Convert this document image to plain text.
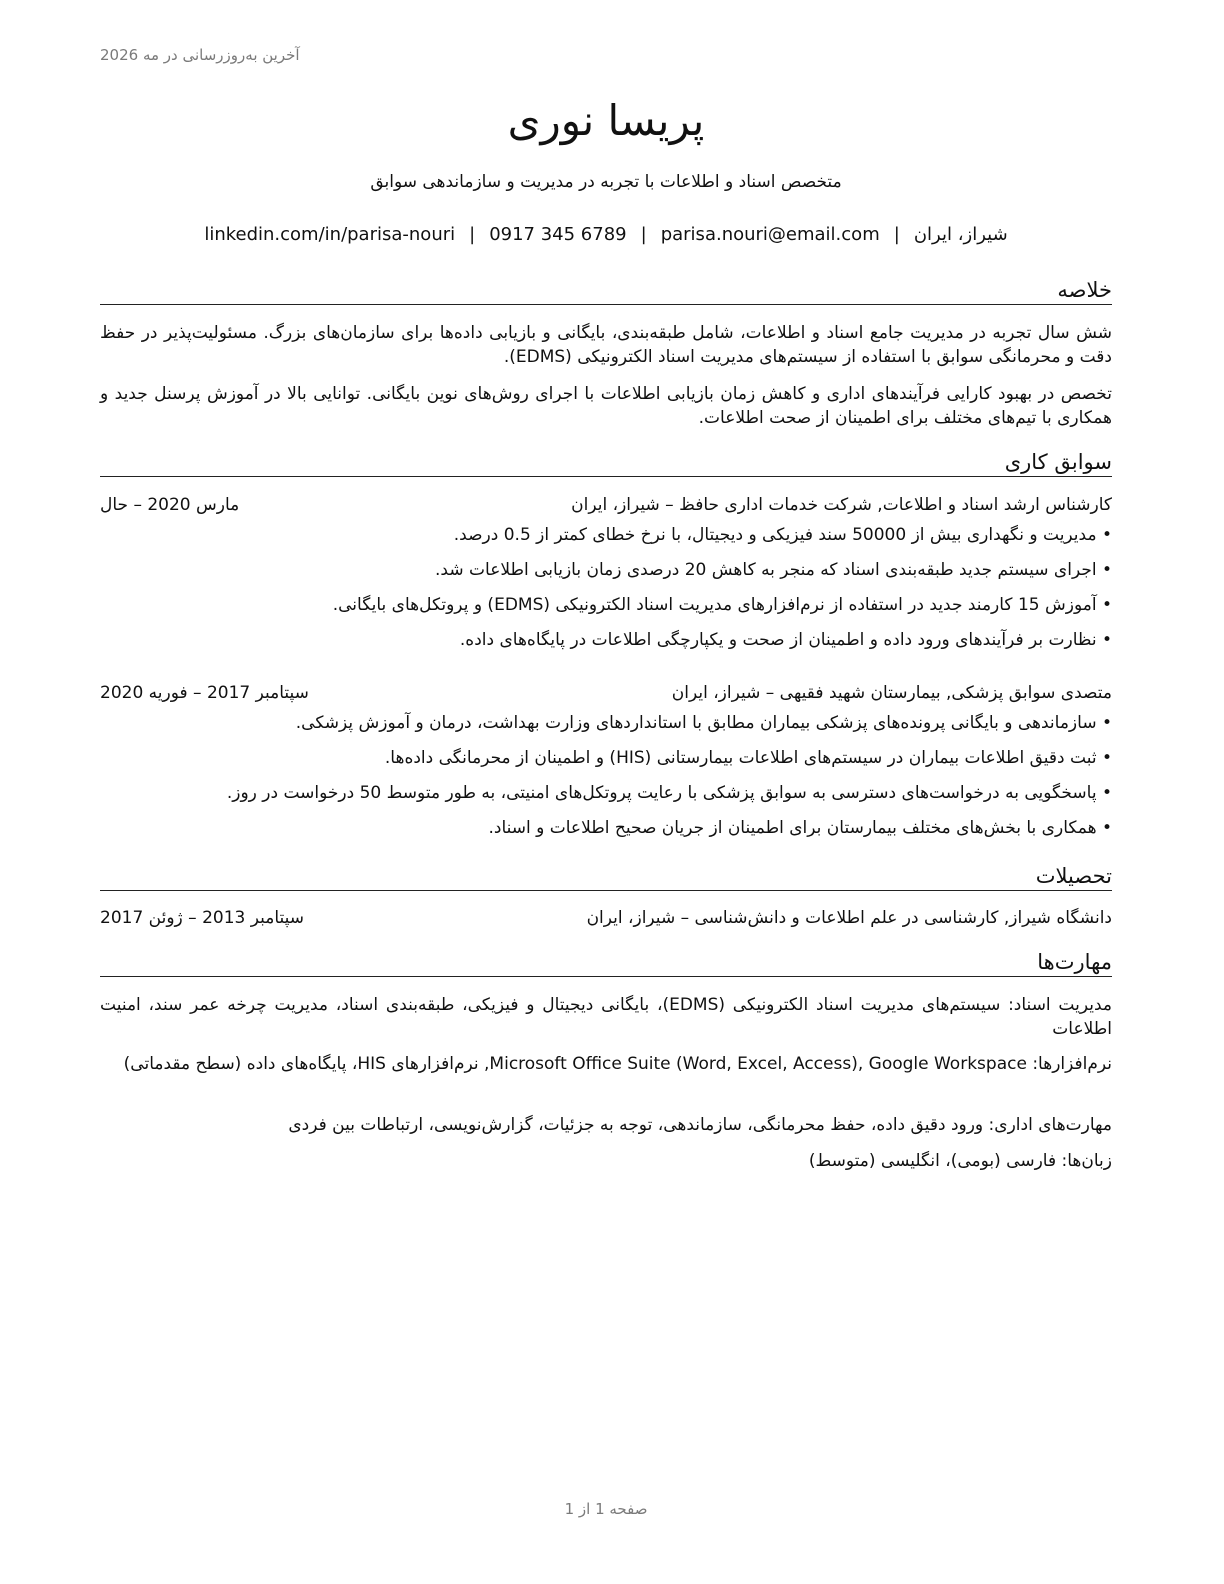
آخرین به‌روزرسانی در مه 2026
پریسا نوری
متخصص اسناد و اطلاعات با تجربه در مدیریت و سازماندهی سوابق
شیراز، ایران|parisa.nouri@email.com|0917 345 6789|linkedin.com/in/parisa-nouri
خلاصه
شش سال تجربه در مدیریت جامع اسناد و اطلاعات، شامل طبقه‌بندی، بایگانی و بازیابی داده‌ها برای سازمان‌های بزرگ. مسئولیت‌پذیر در حفظ دقت و محرمانگی سوابق با استفاده از سیستم‌های مدیریت اسناد الکترونیکی (EDMS).
تخصص در بهبود کارایی فرآیندهای اداری و کاهش زمان بازیابی اطلاعات با اجرای روش‌های نوین بایگانی. توانایی بالا در آموزش پرسنل جدید و همکاری با تیم‌های مختلف برای اطمینان از صحت اطلاعات.
سوابق کاری
کارشناس ارشد اسناد و اطلاعات, شرکت خدمات اداری حافظ – شیراز، ایران
مارس 2020 – حال
• مدیریت و نگهداری بیش از 50000 سند فیزیکی و دیجیتال، با نرخ خطای کمتر از 0.5 درصد.
• اجرای سیستم جدید طبقه‌بندی اسناد که منجر به کاهش 20 درصدی زمان بازیابی اطلاعات شد.
• آموزش 15 کارمند جدید در استفاده از نرم‌افزارهای مدیریت اسناد الکترونیکی (EDMS) و پروتکل‌های بایگانی.
• نظارت بر فرآیندهای ورود داده و اطمینان از صحت و یکپارچگی اطلاعات در پایگاه‌های داده.
متصدی سوابق پزشکی, بیمارستان شهید فقیهی – شیراز، ایران
سپتامبر 2017 – فوریه 2020
• سازماندهی و بایگانی پرونده‌های پزشکی بیماران مطابق با استانداردهای وزارت بهداشت، درمان و آموزش پزشکی.
• ثبت دقیق اطلاعات بیماران در سیستم‌های اطلاعات بیمارستانی (HIS) و اطمینان از محرمانگی داده‌ها.
• پاسخگویی به درخواست‌های دسترسی به سوابق پزشکی با رعایت پروتکل‌های امنیتی، به طور متوسط 50 درخواست در روز.
• همکاری با بخش‌های مختلف بیمارستان برای اطمینان از جریان صحیح اطلاعات و اسناد.
تحصیلات
دانشگاه شیراز, کارشناسی در علم اطلاعات و دانش‌شناسی – شیراز، ایران
سپتامبر 2013 – ژوئن 2017
مهارت‌ها
مدیریت اسناد: سیستم‌های مدیریت اسناد الکترونیکی (EDMS)، بایگانی دیجیتال و فیزیکی، طبقه‌بندی اسناد، مدیریت چرخه عمر سند، امنیت اطلاعات
نرم‌افزارها: Microsoft Office Suite (Word, Excel, Access), Google Workspace, نرم‌افزارهای HIS، پایگاه‌های داده (سطح مقدماتی)
مهارت‌های اداری: ورود دقیق داده، حفظ محرمانگی، سازماندهی، توجه به جزئیات، گزارش‌نویسی، ارتباطات بین فردی
زبان‌ها: فارسی (بومی)، انگلیسی (متوسط)
صفحه 1 از 1
